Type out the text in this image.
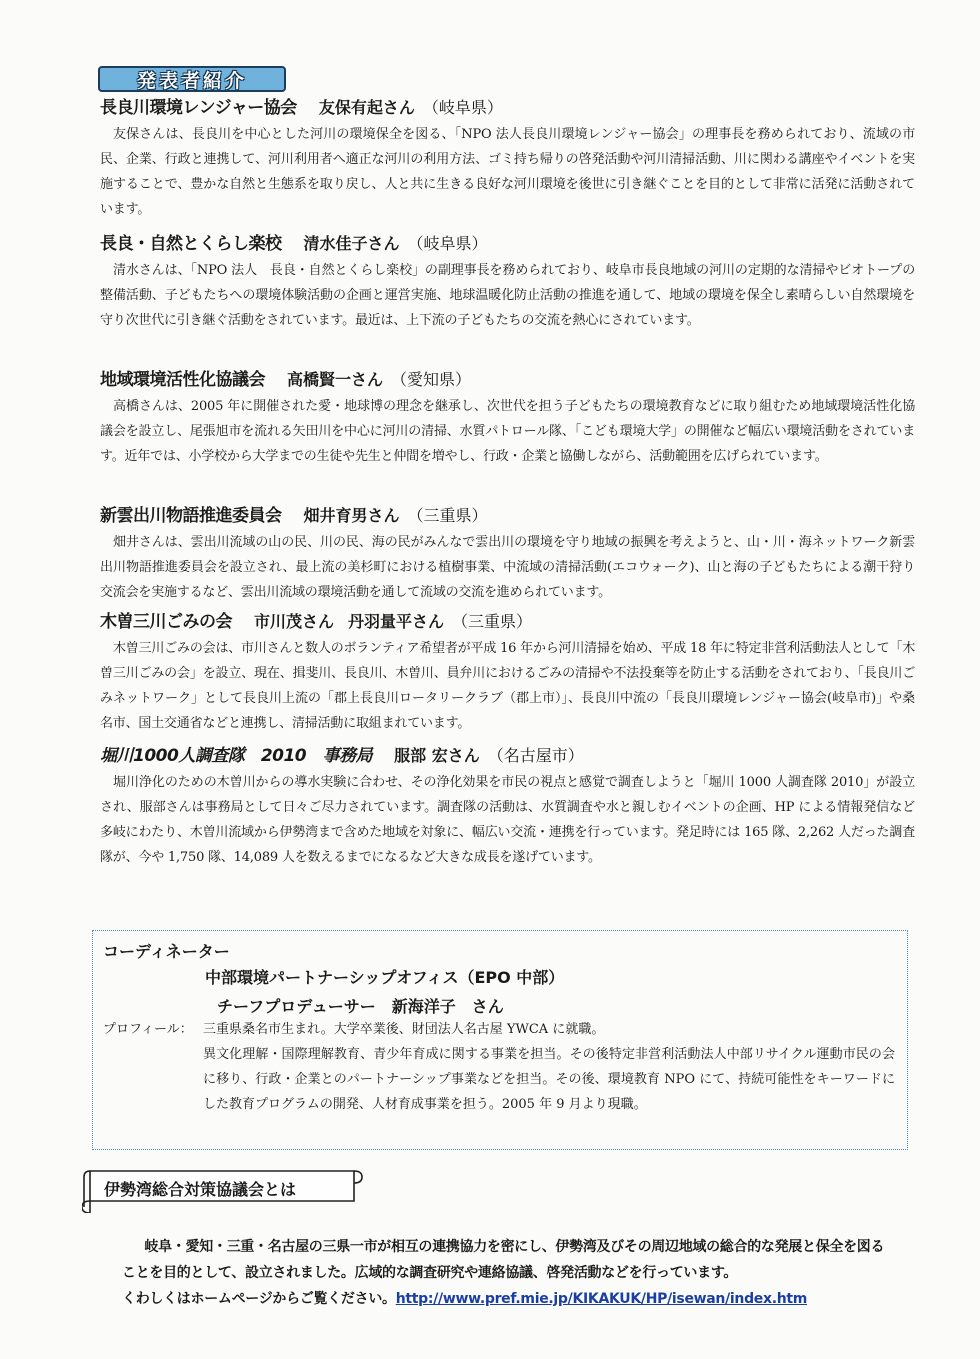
発表者紹介
長良川環境レンジャー協会 友保有起さん （岐阜県）
友保さんは、長良川を中心とした河川の環境保全を図る、「NPO 法人長良川環境レンジャー協会」の理事長を務められており、流域の市民、企業、行政と連携して、河川利用者へ適正な河川の利用方法、ゴミ持ち帰りの啓発活動や河川清掃活動、川に関わる講座やイベントを実施することで、豊かな自然と生態系を取り戻し、人と共に生きる良好な河川環境を後世に引き継ぐことを目的として非常に活発に活動されています。
長良・自然とくらし楽校 清水佳子さん （岐阜県）
清水さんは、「NPO 法人　長良・自然とくらし楽校」の副理事長を務められており、岐阜市長良地域の河川の定期的な清掃やビオトープの整備活動、子どもたちへの環境体験活動の企画と運営実施、地球温暖化防止活動の推進を通して、地域の環境を保全し素晴らしい自然環境を守り次世代に引き継ぐ活動をされています。最近は、上下流の子どもたちの交流を熱心にされています。
地域環境活性化協議会 高橋賢一さん （愛知県）
高橋さんは、2005 年に開催された愛・地球博の理念を継承し、次世代を担う子どもたちの環境教育などに取り組むため地域環境活性化協議会を設立し、尾張旭市を流れる矢田川を中心に河川の清掃、水質パトロール隊、「こども環境大学」の開催など幅広い環境活動をされています。近年では、小学校から大学までの生徒や先生と仲間を増やし、行政・企業と協働しながら、活動範囲を広げられています。
新雲出川物語推進委員会 畑井育男さん （三重県）
畑井さんは、雲出川流域の山の民、川の民、海の民がみんなで雲出川の環境を守り地域の振興を考えようと、山・川・海ネットワーク新雲出川物語推進委員会を設立され、最上流の美杉町における植樹事業、中流域の清掃活動(エコウォーク)、山と海の子どもたちによる潮干狩り交流会を実施するなど、雲出川流域の環境活動を通して流域の交流を進められています。
木曽三川ごみの会 市川茂さん 丹羽量平さん （三重県）
木曽三川ごみの会は、市川さんと数人のボランティア希望者が平成 16 年から河川清掃を始め、平成 18 年に特定非営利活動法人として「木曽三川ごみの会」を設立、現在、揖斐川、長良川、木曽川、員弁川におけるごみの清掃や不法投棄等を防止する活動をされており、「長良川ごみネットワーク」として長良川上流の「郡上長良川ロータリークラブ（郡上市）」、長良川中流の「長良川環境レンジャー協会(岐阜市)」や桑名市、国土交通省などと連携し、清掃活動に取組まれています。
堀川1000人調査隊　2010　事務局 服部 宏さん （名古屋市）
堀川浄化のための木曽川からの導水実験に合わせ、その浄化効果を市民の視点と感覚で調査しようと「堀川 1000 人調査隊 2010」が設立され、服部さんは事務局として日々ご尽力されています。調査隊の活動は、水質調査や水と親しむイベントの企画、HP による情報発信など多岐にわたり、木曽川流域から伊勢湾まで含めた地域を対象に、幅広い交流・連携を行っています。発足時には 165 隊、2,262 人だった調査隊が、今や 1,750 隊、14,089 人を数えるまでになるなど大きな成長を遂げています。
コーディネーター
中部環境パートナーシップオフィス（EPO 中部）
チーフプロデューサー 新海洋子　さん
プロフィール： 三重県桑名市生まれ。大学卒業後、財団法人名古屋 YWCA に就職。

異文化理解・国際理解教育、青少年育成に関する事業を担当。その後特定非営利活動法人中部リサイクル運動市民の会に移り、行政・企業とのパートナーシップ事業などを担当。その後、環境教育 NPO にて、持続可能性をキーワードにした教育プログラムの開発、人材育成事業を担う。2005 年 9 月より現職。

伊勢湾総合対策協議会とは

岐阜・愛知・三重・名古屋の三県一市が相互の連携協力を密にし、伊勢湾及びその周辺地域の総合的な発展と保全を図ることを目的として、設立されました。広域的な調査研究や連絡協議、啓発活動などを行っています。

くわしくはホームページからご覧ください。http://www.pref.mie.jp/KIKAKUK/HP/isewan/index.htm
